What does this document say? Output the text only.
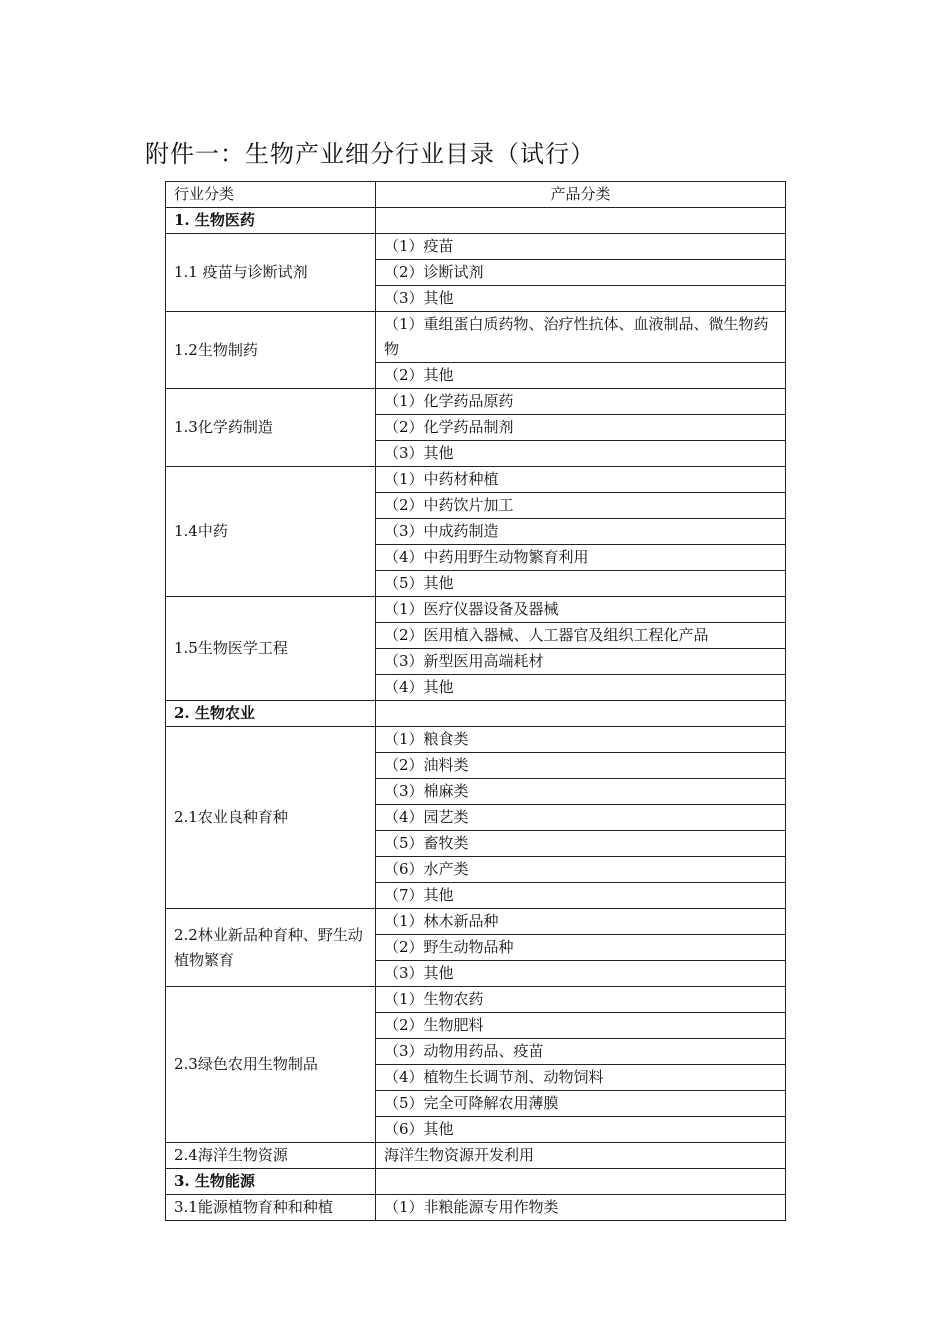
附件一：生物产业细分行业目录（试行）
行业分类	产品分类
1. 生物医药	
1.1 疫苗与诊断试剂	（1）疫苗
	（2）诊断试剂
	（3）其他
1.2生物制药	（1）重组蛋白质药物、治疗性抗体、血液制品、微生物药物
	（2）其他
1.3化学药制造	（1）化学药品原药
	（2）化学药品制剂
	（3）其他
1.4中药	（1）中药材种植
	（2）中药饮片加工
	（3）中成药制造
	（4）中药用野生动物繁育利用
	（5）其他
1.5生物医学工程	（1）医疗仪器设备及器械
	（2）医用植入器械、人工器官及组织工程化产品
	（3）新型医用高端耗材
	（4）其他
2. 生物农业	
2.1农业良种育种	（1）粮食类
	（2）油料类
	（3）棉麻类
	（4）园艺类
	（5）畜牧类
	（6）水产类
	（7）其他
2.2林业新品种育种、野生动植物繁育	（1）林木新品种
	（2）野生动物品种
	（3）其他
2.3绿色农用生物制品	（1）生物农药
	（2）生物肥料
	（3）动物用药品、疫苗
	（4）植物生长调节剂、动物饲料
	（5）完全可降解农用薄膜
	（6）其他
2.4海洋生物资源	海洋生物资源开发利用
3. 生物能源	
3.1能源植物育种和种植	（1）非粮能源专用作物类
